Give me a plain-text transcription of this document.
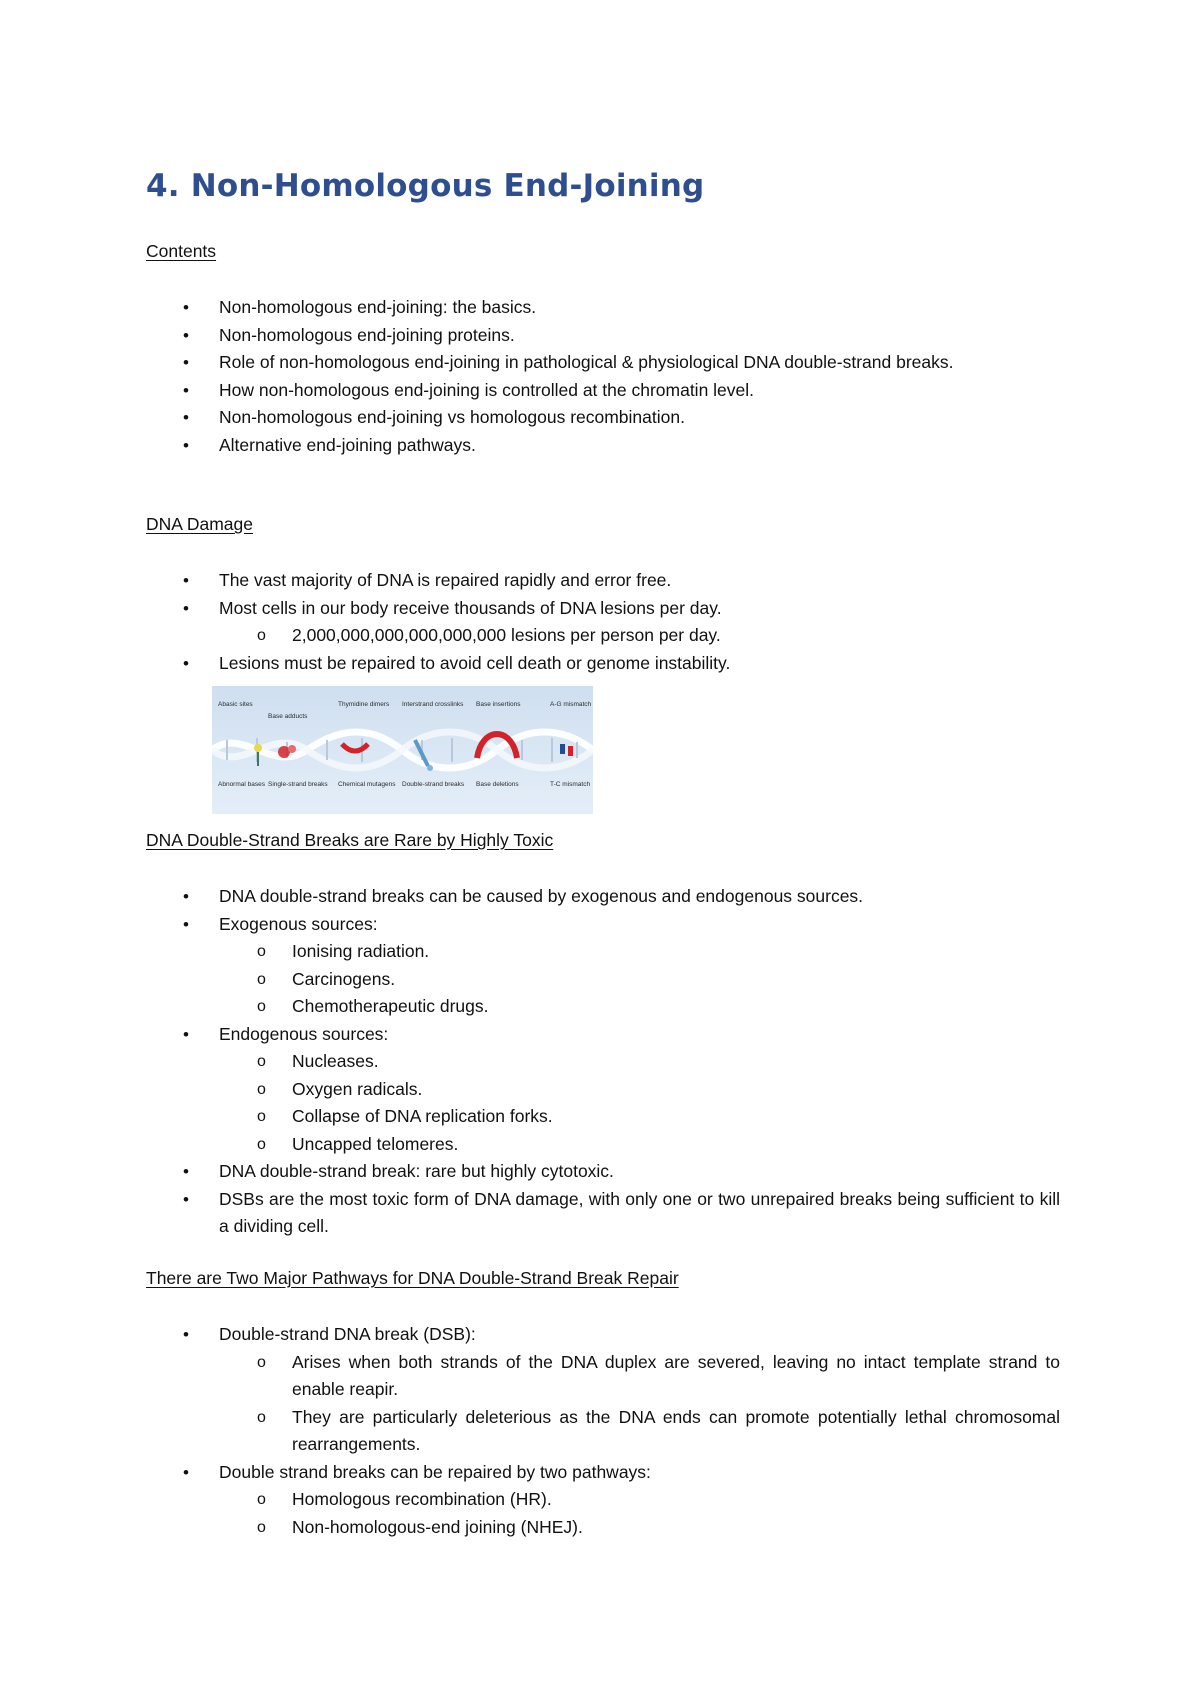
4. Non-Homologous End-Joining
Contents
• Non-homologous end-joining: the basics.
• Non-homologous end-joining proteins.
• Role of non-homologous end-joining in pathological & physiological DNA double-strand breaks.
• How non-homologous end-joining is controlled at the chromatin level.
• Non-homologous end-joining vs homologous recombination.
• Alternative end-joining pathways.
DNA Damage
• The vast majority of DNA is repaired rapidly and error free.
• Most cells in our body receive thousands of DNA lesions per day.
o 2,000,000,000,000,000,000 lesions per person per day.
• Lesions must be repaired to avoid cell death or genome instability.
Abasic sites
Base adducts
Thymidine dimers Interstrand crosslinks Base insertions	A-G mismatch
Abnormal bases Single-strand breaks Chemical mutagens Double-strand breaks Base deletions	T-C mismatch
DNA Double-Strand Breaks are Rare by Highly Toxic
• DNA double-strand breaks can be caused by exogenous and endogenous sources.
• Exogenous sources:
o Ionising radiation.
o Carcinogens.
o Chemotherapeutic drugs.
• Endogenous sources:
o Nucleases.
o Oxygen radicals.
o Collapse of DNA replication forks.
o Uncapped telomeres.
• DNA double-strand break: rare but highly cytotoxic.
• DSBs are the most toxic form of DNA damage, with only one or two unrepaired breaks being sufficient to kill a dividing cell.
There are Two Major Pathways for DNA Double-Strand Break Repair
• Double-strand DNA break (DSB):
o Arises when both strands of the DNA duplex are severed, leaving no intact template strand to enable reapir.
o They are particularly deleterious as the DNA ends can promote potentially lethal chromosomal rearrangements.
• Double strand breaks can be repaired by two pathways:
o Homologous recombination (HR).
o Non-homologous-end joining (NHEJ).
